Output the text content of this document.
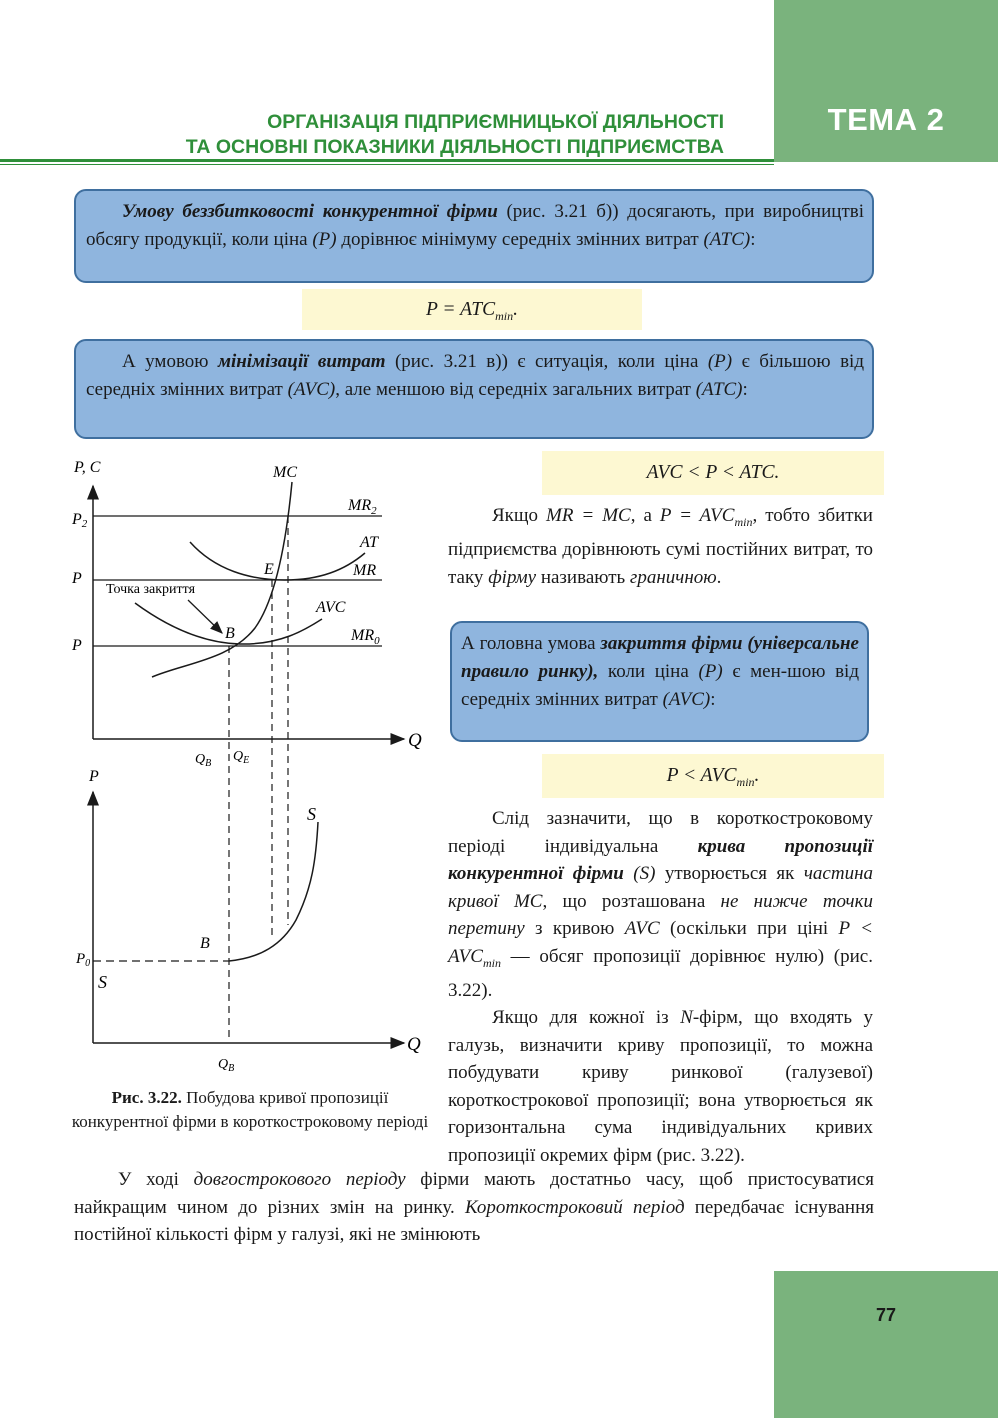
ТЕМА 2
ОРГАНІЗАЦІЯ ПІДПРИЄМНИЦЬКОЇ ДІЯЛЬНОСТІ
ТА ОСНОВНІ ПОКАЗНИКИ ДІЯЛЬНОСТІ ПІДПРИЄМСТВА
Умову беззбитковості конкурентної фірми (рис. 3.21 б)) досягають, при виробництві обсягу продукції, коли ціна (P) дорівнює мінімуму середніх змінних витрат (ATC):
$P = ATC_{min}$.
А умовою мінімізації витрат (рис. 3.21 в)) є ситуація, коли ціна (P) є більшою від середніх змінних витрат (AVC), але меншою від середніх загальних витрат (ATC):
AVC < P < ATC.

Якщо MR = MC, а $P = AVC_{min}$, тобто збитки підприємства дорівнюють сумі постійних витрат, то таку фірму називають граничною.

А головна умова закриття фірми (універсальне правило ринку), коли ціна (P) є мен-шою від середніх змінних витрат (AVC):
$P < AVC_{min}$.

Слід зазначити, що в короткостроковому періоді індивідуальна крива пропозиції конкурентної фірми (S) утворюється як частина кривої МС, що розташована не нижче точки перетину з кривою AVC (оскільки при ціні $P < AVC_{min}$ — обсяг пропозиції дорівнює нулю) (рис. 3.22).

Якщо для кожної із N-фірм, що входять у галузь, визначити криву пропозиції, то можна побудувати криву ринкової (галузевої) короткострокової пропозиції; вона утворюється як горизонтальна сума індивідуальних кривих пропозиції окремих фірм (рис. 3.22).

У ході довгострокового періоду фірми мають достатньо часу, щоб пристосуватися найкращим чином до різних змін на ринку. Короткостроковий період передбачає існування постійної кількості фірм у галузі, які не змінюють

P, C
Q
MC
$MR_2$
AT
MR
AVC
$MR_0$
P2
P
P
E
B
Точка закриття
$Q_B$ $Q_E$
P
Q
S
S
B
$P_0$
$Q_B$
Рис. 3.22. Побудова кривої пропозиції конкурентної фірми в короткостроковому періоді
77
